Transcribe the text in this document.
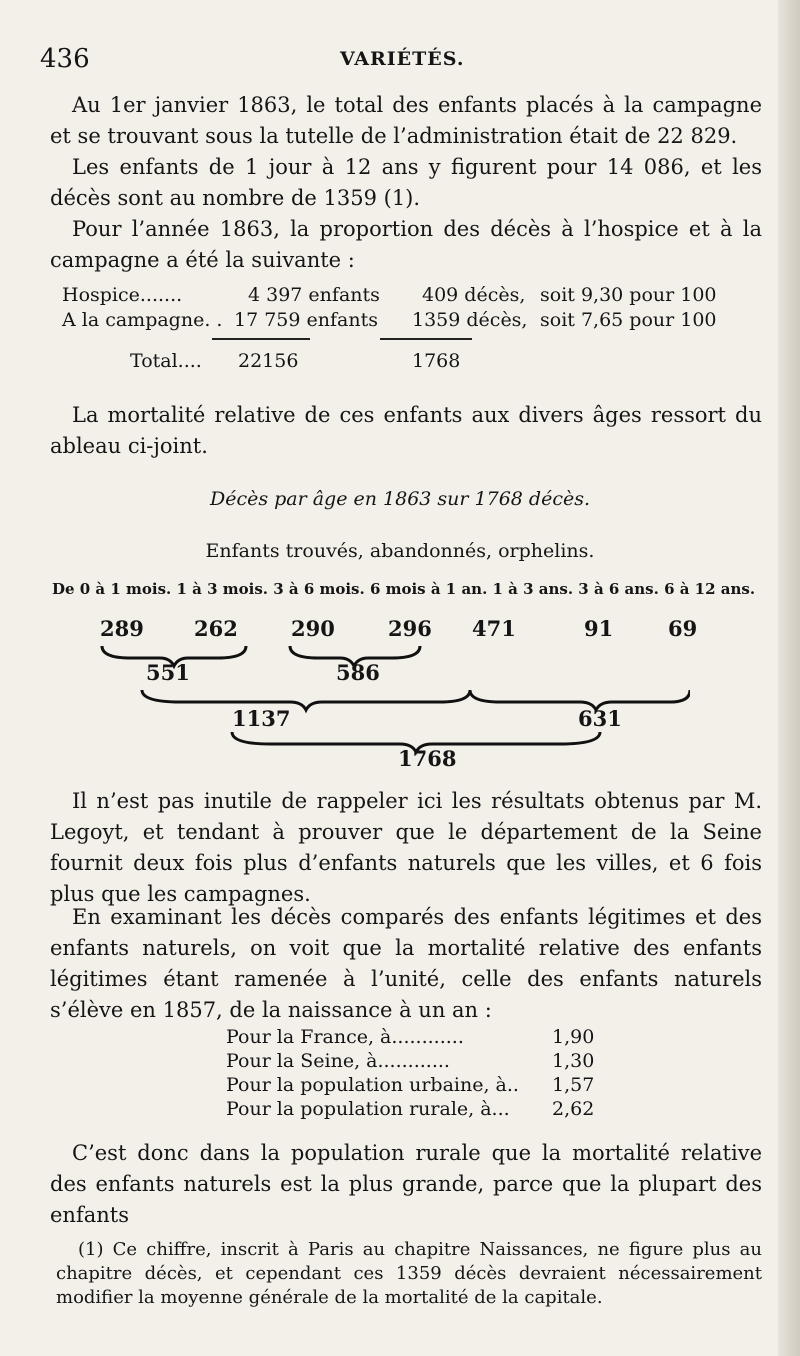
436	VARIÉTÉS.

Au 1er janvier 1863, le total des enfants placés à la campagne et se trouvant sous la tutelle de l’administration était de 22 829.

Les enfants de 1 jour à 12 ans y figurent pour 14 086, et les décès sont au nombre de 1359 (1).

Pour l’année 1863, la proportion des décès à l’hospice et à la campagne a été la suivante :

Hospice.......	4 397 enfants 409 décès, soit 9,30 pour 100
A la campagne. . 17 759 enfants 1359 décès, soit 7,65 pour 100
Total.... 22156	1768

La mortalité relative de ces enfants aux divers âges ressort du ableau ci-joint.

Décès par âge en 1863 sur 1768 décès.
Enfants trouvés, abandonnés, orphelins.
De 0 à 1 mois. 1 à 3 mois. 3 à 6 mois. 6 mois à 1 an. 1 à 3 ans. 3 à 6 ans. 6 à 12 ans.
289 262	290	296 471	91	69
551	586
1137	631
1768

Il n’est pas inutile de rappeler ici les résultats obtenus par M. Legoyt, et tendant à prouver que le département de la Seine fournit deux fois plus d’enfants naturels que les villes, et 6 fois plus que les campagnes.

En examinant les décès comparés des enfants légitimes et des enfants naturels, on voit que la mortalité relative des enfants légitimes étant ramenée à l’unité, celle des enfants naturels s’élève en 1857, de la naissance à un an :

Pour la France, à............	1,90
Pour la Seine, à............	1,30
Pour la population urbaine, à.. 1,57
Pour la population rurale, à... 2,62

C’est donc dans la population rurale que la mortalité relative des enfants naturels est la plus grande, parce que la plupart des enfants

(1) Ce chiffre, inscrit à Paris au chapitre Naissances, ne figure plus au chapitre décès, et cependant ces 1359 décès devraient nécessairement modifier la moyenne générale de la mortalité de la capitale.
